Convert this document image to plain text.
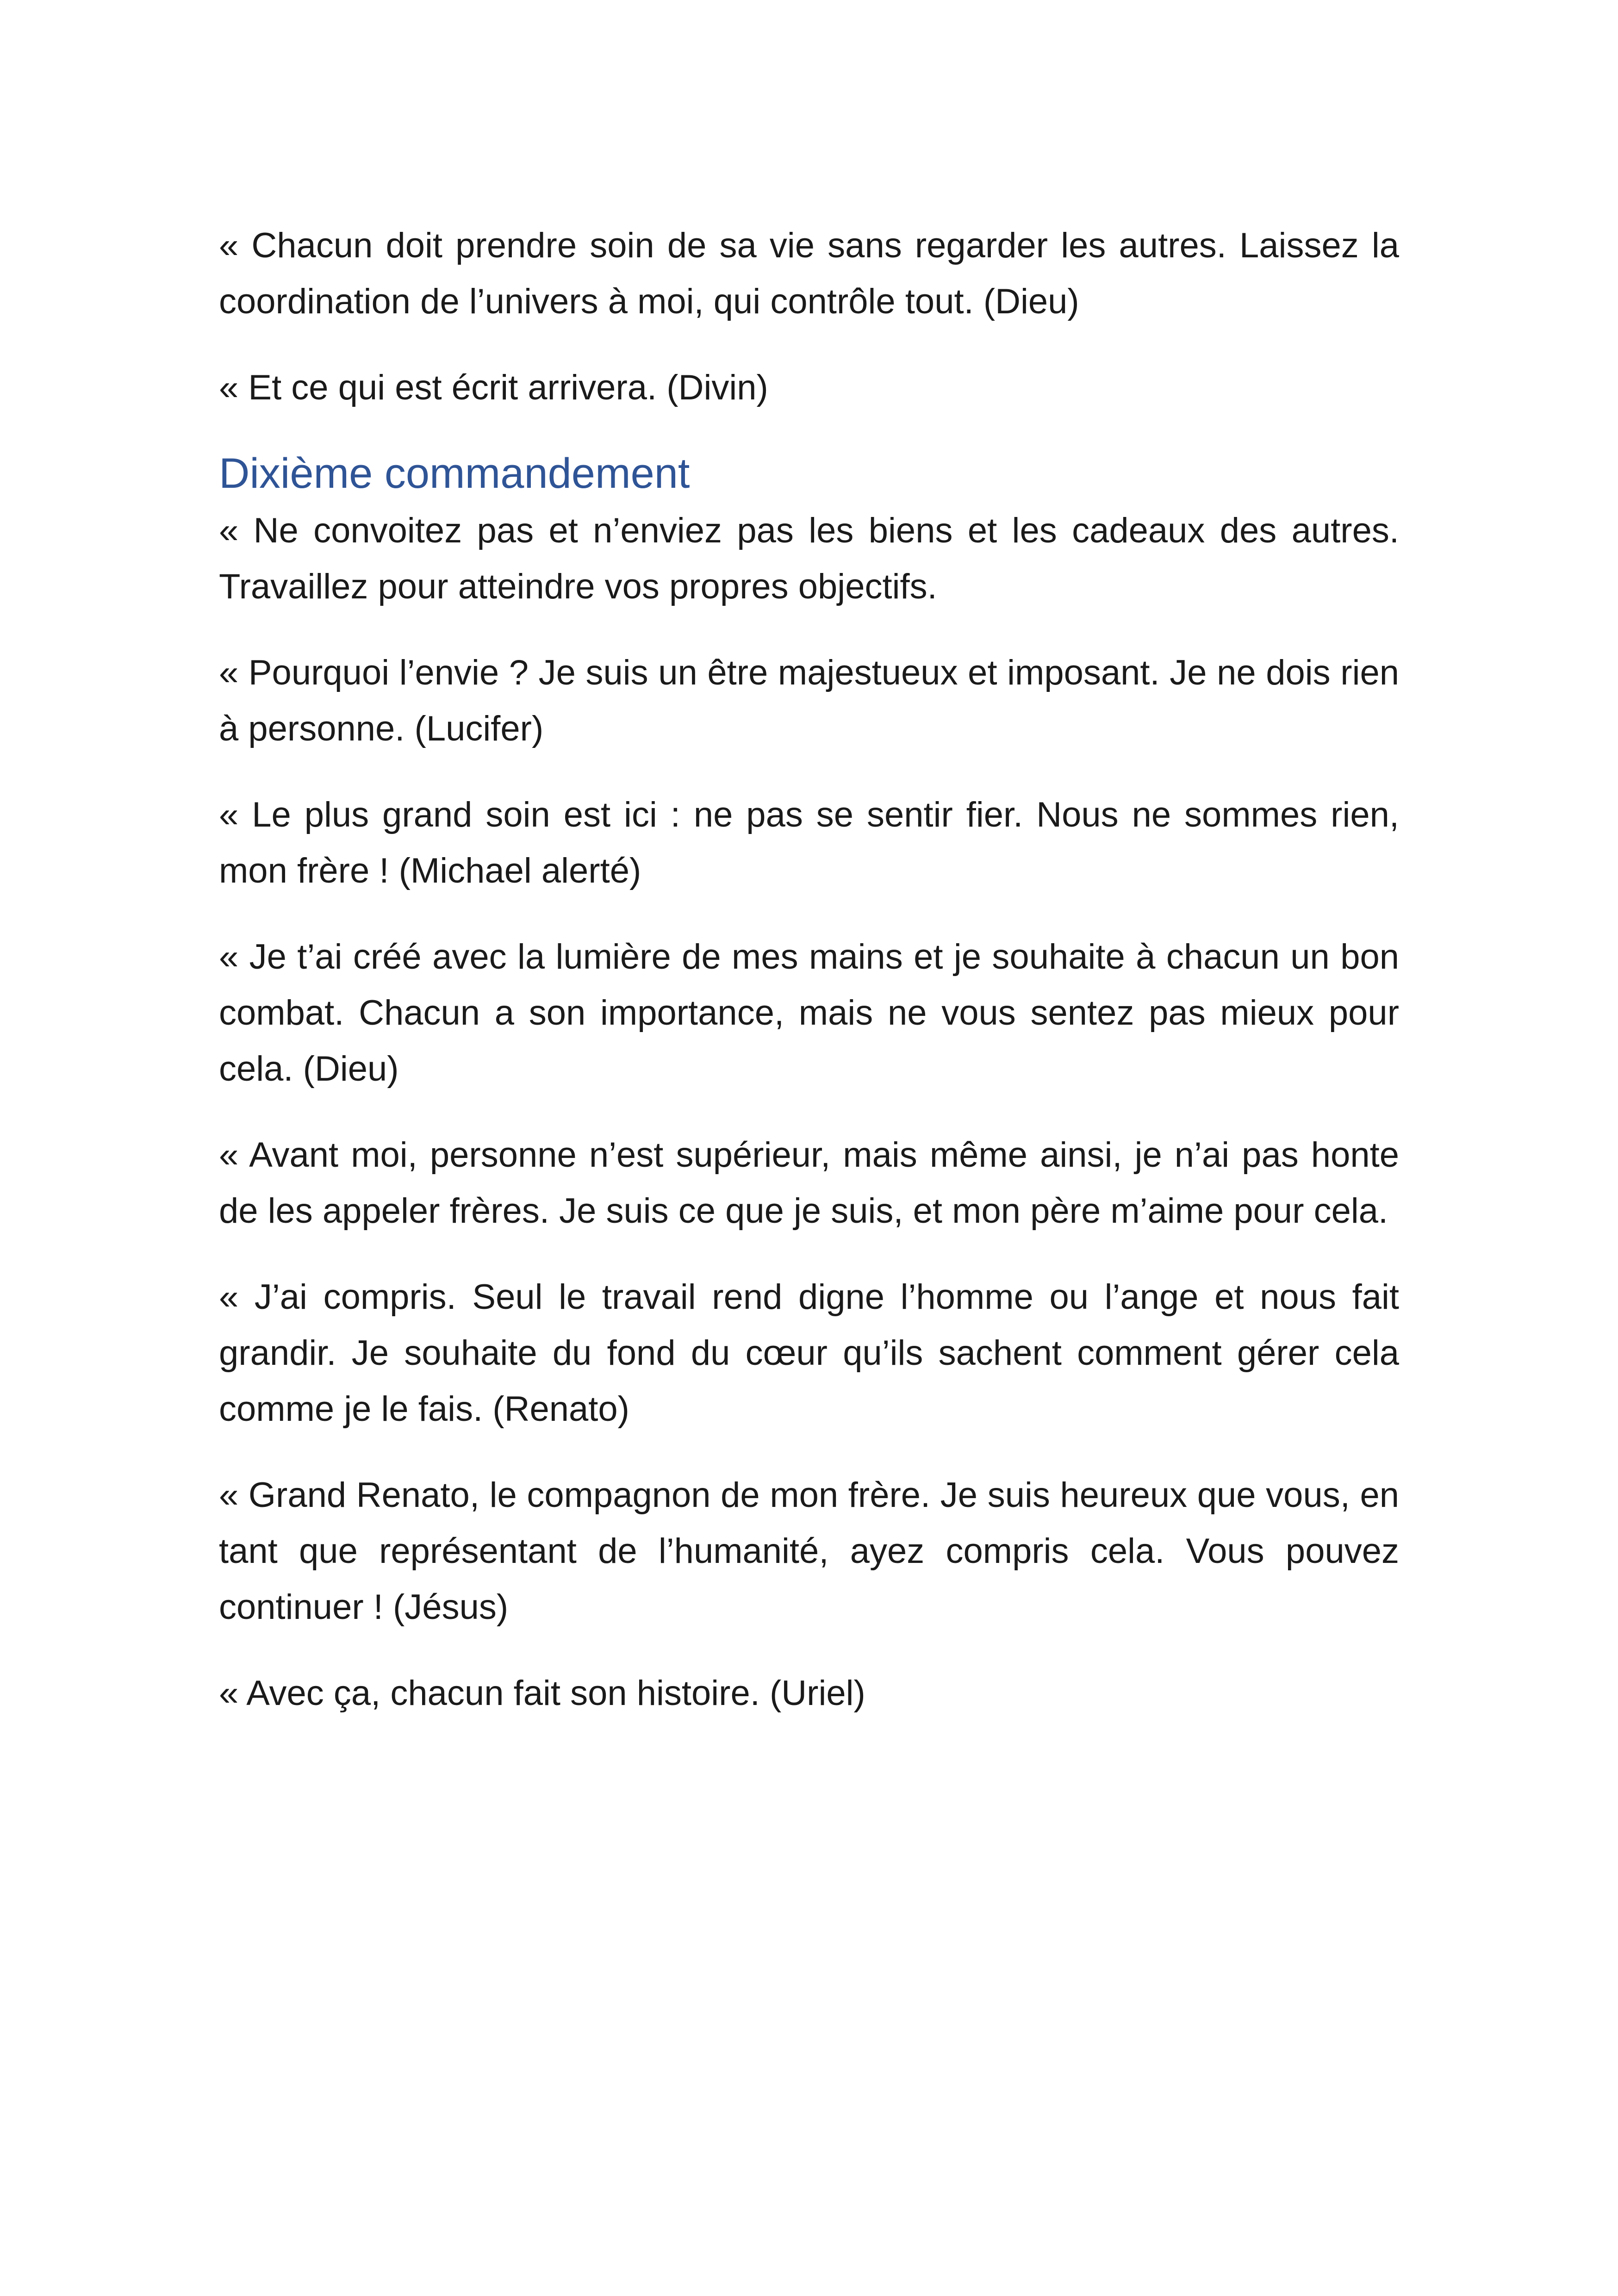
« Chacun doit prendre soin de sa vie sans regarder les autres. Laissez la coordination de l’univers à moi, qui contrôle tout. (Dieu)

« Et ce qui est écrit arrivera. (Divin)

Dixième commandement

« Ne convoitez pas et n’enviez pas les biens et les cadeaux des autres. Travaillez pour atteindre vos propres objectifs.

« Pourquoi l’envie ? Je suis un être majestueux et imposant. Je ne dois rien à personne. (Lucifer)

« Le plus grand soin est ici : ne pas se sentir fier. Nous ne sommes rien, mon frère ! (Michael alerté)

« Je t’ai créé avec la lumière de mes mains et je souhaite à chacun un bon combat. Chacun a son importance, mais ne vous sentez pas mieux pour cela. (Dieu)

« Avant moi, personne n’est supérieur, mais même ainsi, je n’ai pas honte de les appeler frères. Je suis ce que je suis, et mon père m’aime pour cela.

« J’ai compris. Seul le travail rend digne l’homme ou l’ange et nous fait grandir. Je souhaite du fond du cœur qu’ils sachent comment gérer cela comme je le fais. (Renato)

« Grand Renato, le compagnon de mon frère. Je suis heureux que vous, en tant que représentant de l’humanité, ayez compris cela. Vous pouvez continuer ! (Jésus)

« Avec ça, chacun fait son histoire. (Uriel)
